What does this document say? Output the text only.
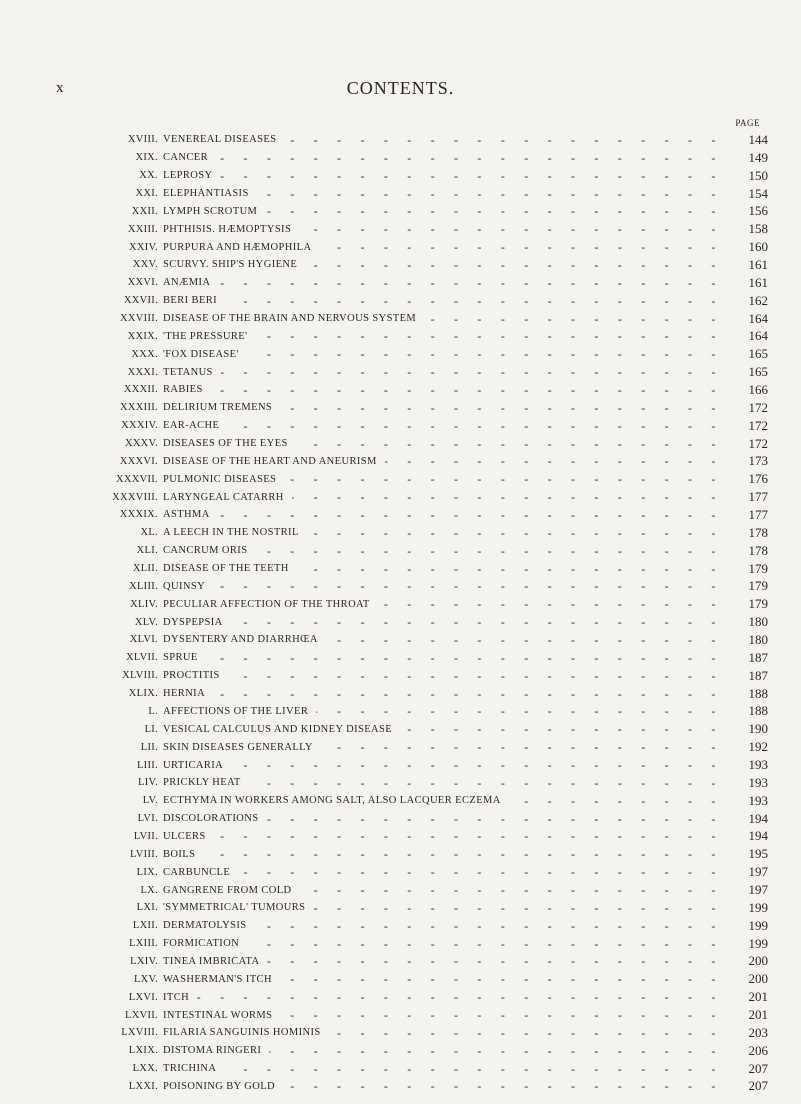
x	CONTENTS.
PAGE
XVIII. VENEREAL DISEASES - -	144
XIX. CANCER - -	149
XX. LEPROSY - -	150
XXI. ELEPHANTIASIS - -	154
XXII. LYMPH SCROTUM - -	156
XXIII. PHTHISIS. HÆMOPTYSIS - -	158
XXIV. PURPURA AND HÆMOPHILA - -	160
XXV. SCURVY. SHIP'S HYGIENE - -	161
XXVI. ANÆMIA - -	161
XXVII. BERI BERI - -	162
XXVIII. DISEASE OF THE BRAIN AND NERVOUS SYSTEM - -	164
XXIX. 'THE PRESSURE' - -	164
XXX. 'FOX DISEASE' - -	165
XXXI. TETANUS - -	165
XXXII. RABIES - -	166
XXXIII. DELIRIUM TREMENS - -	172
XXXIV. EAR-ACHE - -	172
XXXV. DISEASES OF THE EYES - -	172
XXXVI. DISEASE OF THE HEART AND ANEURISM - -	173
XXXVII. PULMONIC DISEASES - -	176
XXXVIII. LARYNGEAL CATARRH - -	177
XXXIX. ASTHMA - -	177
XL. A LEECH IN THE NOSTRIL - -	178
XLI. CANCRUM ORIS - -	178
XLII. DISEASE OF THE TEETH - -	179
XLIII. QUINSY - -	179
XLIV. PECULIAR AFFECTION OF THE THROAT - -	179
XLV. DYSPEPSIA - -	180
XLVI. DYSENTERY AND DIARRHŒA - -	180
XLVII. SPRUE - -	187
XLVIII. PROCTITIS - -	187
XLIX. HERNIA - -	188
L. AFFECTIONS OF THE LIVER - -	188
LI. VESICAL CALCULUS AND KIDNEY DISEASE - -	190
LII. SKIN DISEASES GENERALLY - -	192
LIII. URTICARIA - -	193
LIV. PRICKLY HEAT - -	193
LV. ECTHYMA IN WORKERS AMONG SALT, ALSO LACQUER ECZEMA - -	193
LVI. DISCOLORATIONS - -	194
LVII. ULCERS - -	194
LVIII. BOILS - -	195
LIX. CARBUNCLE - -	197
LX. GANGRENE FROM COLD - -	197
LXI. 'SYMMETRICAL' TUMOURS - -	199
LXII. DERMATOLYSIS - -	199
LXIII. FORMICATION - -	199
LXIV. TINEA IMBRICATA - -	200
LXV. WASHERMAN'S ITCH - -	200
LXVI. ITCH - -	201
LXVII. INTESTINAL WORMS - -	201
LXVIII. FILARIA SANGUINIS HOMINIS - -	203
LXIX. DISTOMA RINGERI - -	206
LXX. TRICHINA - -	207
LXXI. POISONING BY GOLD - -	207
